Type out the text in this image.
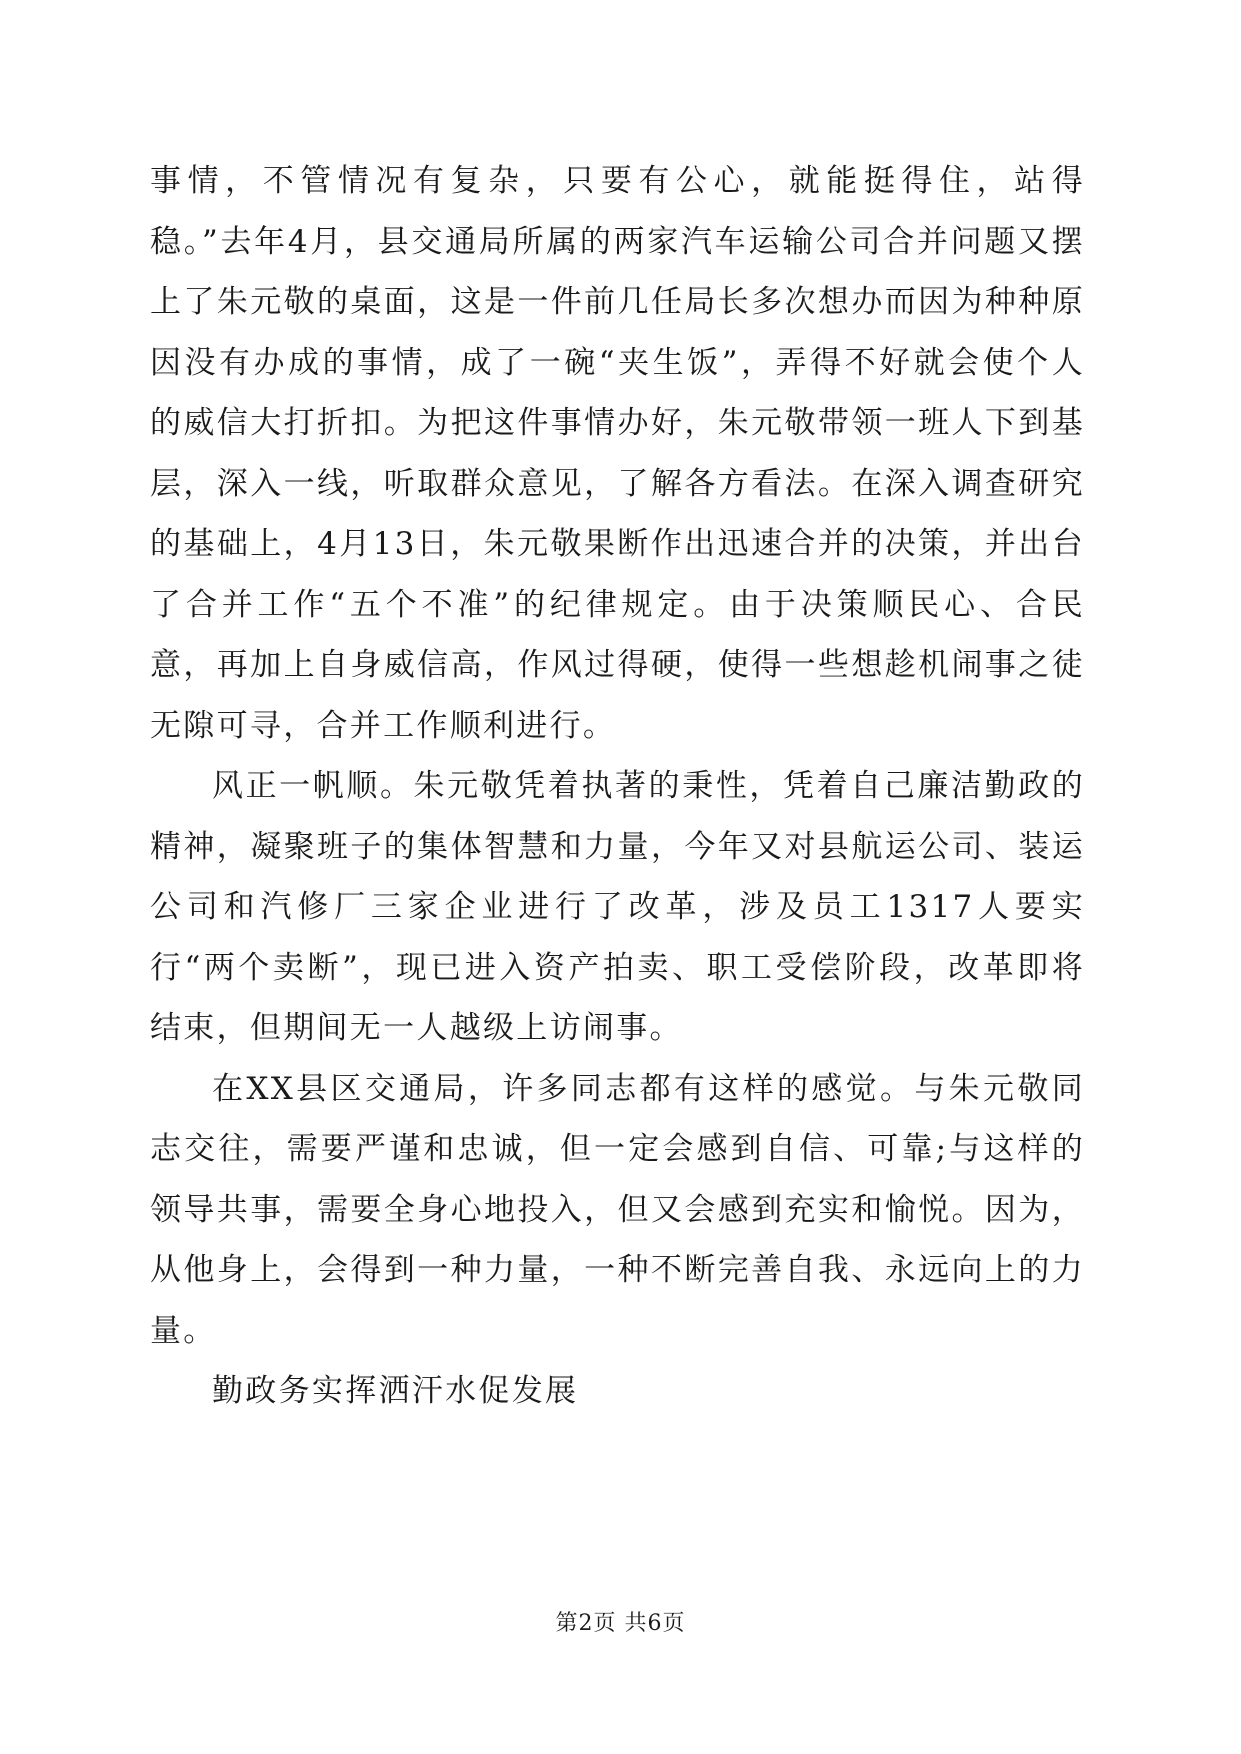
事情，不管情况有复杂，只要有公心，就能挺得住，站得稳。”去年4月，县交通局所属的两家汽车运输公司合并问题又摆上了朱元敬的桌面，这是一件前几任局长多次想办而因为种种原因没有办成的事情，成了一碗“夹生饭”，弄得不好就会使个人的威信大打折扣。为把这件事情办好，朱元敬带领一班人下到基层，深入一线，听取群众意见，了解各方看法。在深入调查研究的基础上，4月13日，朱元敬果断作出迅速合并的决策，并出台了合并工作“五个不准”的纪律规定。由于决策顺民心、合民意，再加上自身威信高，作风过得硬，使得一些想趁机闹事之徒无隙可寻，合并工作顺利进行。

风正一帆顺。朱元敬凭着执著的秉性，凭着自己廉洁勤政的精神，凝聚班子的集体智慧和力量，今年又对县航运公司、装运公司和汽修厂三家企业进行了改革，涉及员工1317人要实行“两个卖断”，现已进入资产拍卖、职工受偿阶段，改革即将结束，但期间无一人越级上访闹事。

在XX县区交通局，许多同志都有这样的感觉。与朱元敬同志交往，需要严谨和忠诚，但一定会感到自信、可靠;与这样的领导共事，需要全身心地投入，但又会感到充实和愉悦。因为，从他身上，会得到一种力量，一种不断完善自我、永远向上的力量。

勤政务实挥洒汗水促发展

第2页 共6页
